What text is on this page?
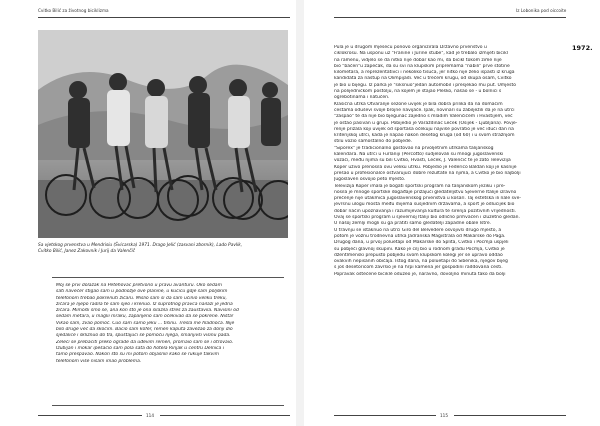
Cvitko Bilić za životnog biciklizma
Sa vjetskog prvenstva u Mendrisiu (Švicarska) 1971. Drago Jelić (zasvani zbornik), Lado Pavlik,
Cvitko Bilić, Janez Zakovnik i Jurij da Valenčič
Moj se prvi dolazak na Petehovac pretvorio u pravu avanturu. Oko sedam
sati navečer stigao sam u podnožje ove planine, u kućicu gdje sam poljskim
telefonom trebao pokrenuti žičaru. Mislio sam si da sam učinio veliku treku,
žičara je lijepo radila te sam sjeo i krenuo. Iz suprotnog pravca nailazi je jedna
žičara. Mimošli smo se, ana kon što je ona silazila stres za zaustavila. Navisini od
sedam metara, u maglii mraku, zapanjeno sam očekivao da se pokrene. Ništa!
Vikao sam, zvao pomoć. Čuo sam samo jeku ... tišinu. Tresla me hladnoća. Nije
bilo druge već da skočim. Bacio sam kofer, remen kaputa zavezao za donji dio
sjedalice i skliznuo do tla, spuštajući se pomoću njega, smanjivši visinu pada.
Želeći se prebaciti preko ograde da uđevim remen, promaio sam se i otrovaio.
Izubijan i mokar ipešačio sam pola sata do hotela Rinjak u centru Delnica i
tamo prespavao. Nakon što su mi potom objasnili kako se rukuje takvim
telefonom više nisam imao problema.
114
Iz Lobonika pod oiccoite
1972.
Pula je u drugom mjesecu ponovo organizirala Državno prvenstvo u
ciklokrosu. Na usponu uz "Franine i Jurine stube", kad je trebalo izmijeti bicikl
na ramenu, vidjelo se da nitko nije dobar kao mi, da bicikl tokom zime nije
bio "bačen"u zapećak, da su svi na klupskim pripremama "nabili" prve stotine
kilometara, a reprezentativci i nekoliko tisuća, jer nitko nije želio ispasti iz kruga
kandidata za nastup na Olimpijadi. Već u trećem krugu, od skupa osam, Cvitko
je bio u bijegu. Iz parka je "siksnuo"jedan automobil i presjekao mu put. Umjesto
na polijednićkom postolju, na kojem je stajao Pleško, našao se - u bolnici s
ogrebotinama i natučen.
Klasična utrka Otvaranje sezone uvijek je bila dobra prilika da na domaćim
cestama oduševí svoje brojne navijače. Ipak, novinari su zabilježili da je na utrci
"zaspao" te da nije bio bjegunac zajedno s mladim Valenčičem i Hvastijem, već
je ostao pasivan u grupi. Pobijedio je Varaždinac Leček (Osijek - Ljubljana). Povje-
renje prizala koji uvijek od sportaša očekuju najviše povratio je već idući dan na
kriterijskoj utrci, kada je napao nakon desetog kruga (od 60) i u svom stražnjom
stilu vozio samostalno do pobjede.
"Siporex" je tradicionalno gostovao na prvoljetnim utrkama talijanskog
kalendara. Na utrci u Furlaniji (Percotto) sudjelovali su mnogi jugoslavenski
vozači, među njima su bili Cvitko, Hvasti, Leček, J. Valenčič te je zato Televizija
Koper uživo prenosila ovu veliku utrku. Pobjedio je Federico Baldan koji je kasnije
prešao u profesionalce ostvarujući dobre rezultate na njima, a Cvitko je bio najbolji
Jugoslaven osvojio peto mjesto.
Televizija Koper imala je bogati sportski program na talijanskom jeziku i pre-
nosila je mnoge sportske događaje prižajući gledateljstvu Sjeverne Italije izravno
prečenje nije utakmica jugoslavenskog prvenstva u košari. Taj estetska ili nale sve-
jevrsnu ulogu mosta među dvjema susjednim državama, a sport je odlucijek bio
dobar način upoznavanja i razumijevanja kultura te širenja pozitivnih vrijednosti.
Ovaj se sportski program u sjevernoj Italiji bio odlično prihvaćen i izuzetno gledan.
U našoj zemlji mogli su ga pratiti samo gledatelji zapadne obale Istre.
U travnju se istaknuo na utrci Giro del Belvedere osvojivši drugo mjesto, a
potom je vožnu trodnevna utrka Jadranska Magistrala od Makarske do Paga.
Drugog dana, u prvoj poluetapi od Makarske do Splita, Cvitko i Pocmja uspjeli
su pobjeći glavnoj skupini. Kako je cilj bio u rodnom gradu Pocmja, Cvitko je
džentlmenski prepusto pobjedu svom klupskom kolegi jer se upravo oddao
ovakvih nepisanih običaja. Istog dana, na poluetapi do Šibenika, njegov bijeg
s još desetoricom završio je na hrpi kamena jer gospodini raddovana cesti.
Popravak oštećene biciklé oduzeo je, naravno, dovoljno minuta tako da bolji
115
